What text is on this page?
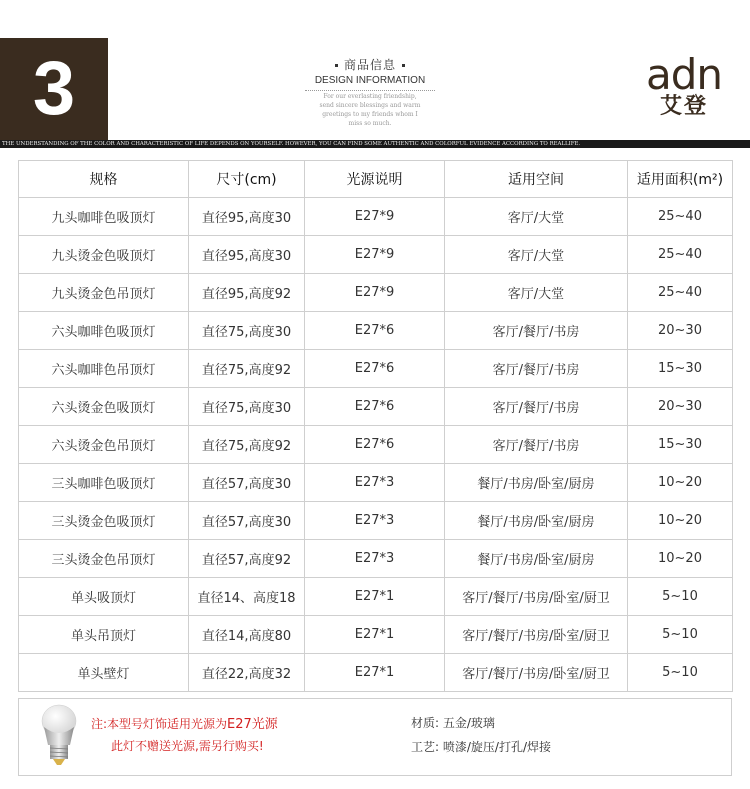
3	商品信息
DESIGN INFORMATION
For our everlasting friendship,
send sincere blessings and warm
greetings to my friends whom I
miss so much.
adn
艾登
THE UNDERSTANDING OF THE COLOR AND CHARACTERISTIC OF LIFE DEPENDS ON YOURSELF. HOWEVER, YOU CAN FIND SOME AUTHENTIC AND COLORFUL EVIDENCE ACCORDING TO REALLIFE.
规格	尺寸(cm)	光源说明	适用空间	适用面积(m²)
九头咖啡色吸顶灯	直径95,高度30	E27*9	客厅/大堂	25~40
九头烫金色吸顶灯	直径95,高度30	E27*9	客厅/大堂	25~40
九头烫金色吊顶灯	直径95,高度92	E27*9	客厅/大堂	25~40
六头咖啡色吸顶灯	直径75,高度30	E27*6	客厅/餐厅/书房	20~30
六头咖啡色吊顶灯	直径75,高度92	E27*6	客厅/餐厅/书房	15~30
六头烫金色吸顶灯	直径75,高度30	E27*6	客厅/餐厅/书房	20~30
六头烫金色吊顶灯	直径75,高度92	E27*6	客厅/餐厅/书房	15~30
三头咖啡色吸顶灯	直径57,高度30	E27*3	餐厅/书房/卧室/厨房	10~20
三头烫金色吸顶灯	直径57,高度30	E27*3	餐厅/书房/卧室/厨房	10~20
三头烫金色吊顶灯	直径57,高度92	E27*3	餐厅/书房/卧室/厨房	10~20
单头吸顶灯	直径14、高度18	E27*1	客厅/餐厅/书房/卧室/厨卫	5~10
单头吊顶灯	直径14,高度80	E27*1	客厅/餐厅/书房/卧室/厨卫	5~10
单头壁灯	直径22,高度32	E27*1	客厅/餐厅/书房/卧室/厨卫	5~10
注:本型号灯饰适用光源为E27光源
此灯不赠送光源,需另行购买!
材质: 五金/玻璃
工艺: 喷漆/旋压/打孔/焊接
